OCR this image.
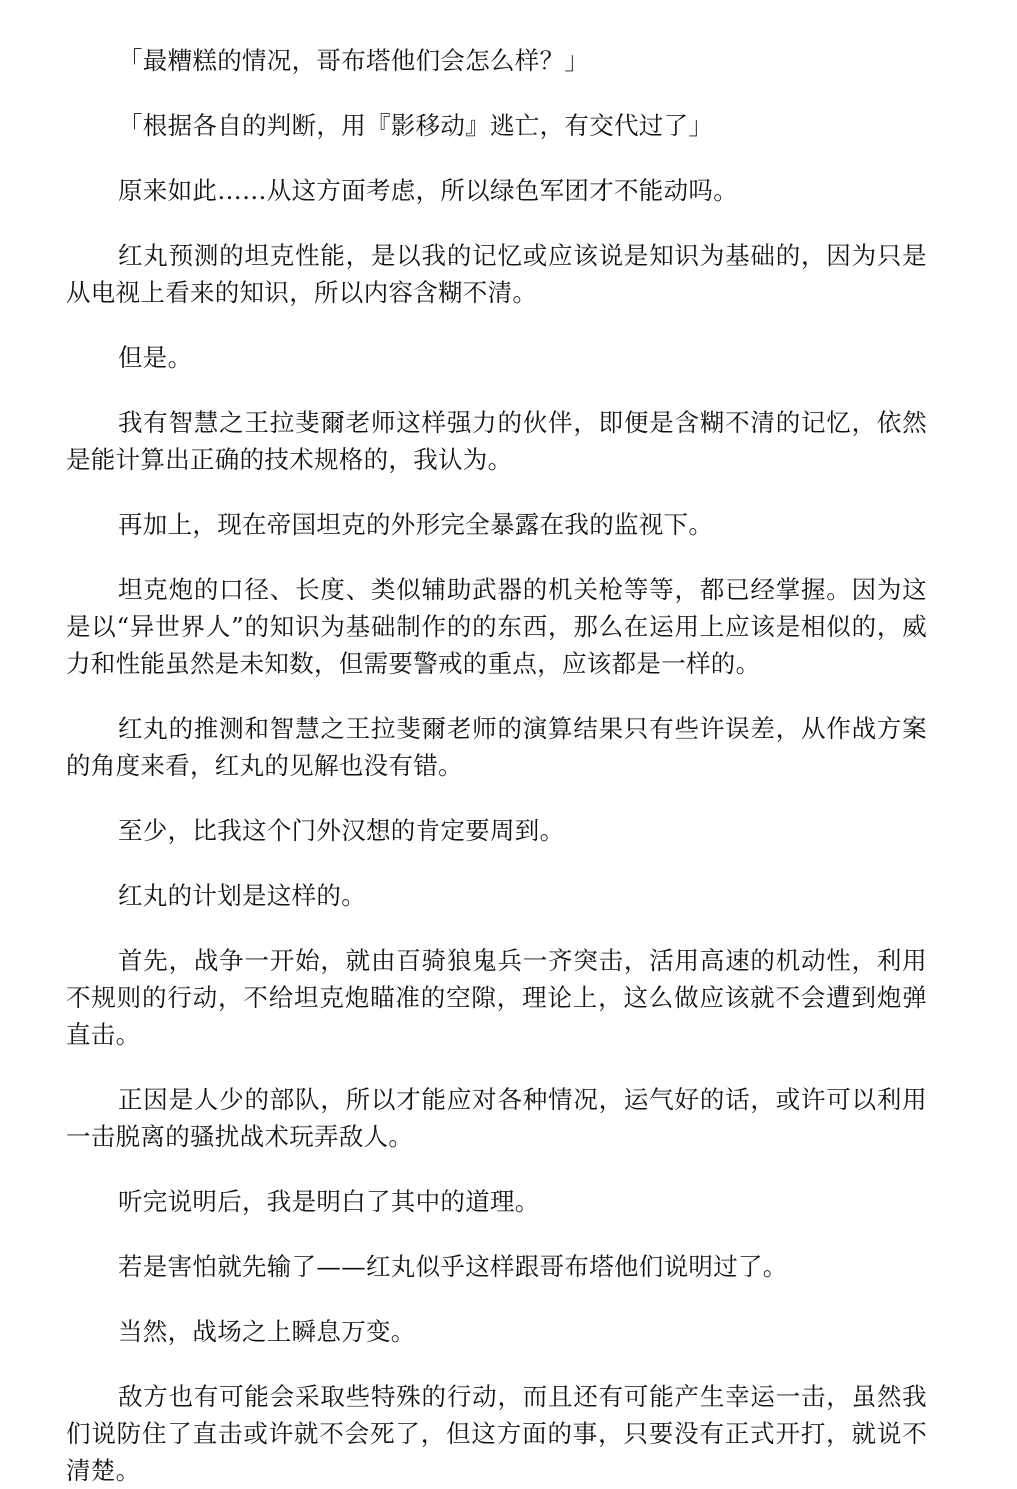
「最糟糕的情况，哥布塔他们会怎么样？」

「根据各自的判断，用『影移动』逃亡，有交代过了」

原来如此……从这方面考虑，所以绿色军团才不能动吗。

红丸预测的坦克性能，是以我的记忆或应该说是知识为基础的，因为只是从电视上看来的知识，所以内容含糊不清。

但是。

我有智慧之王拉斐爾老师这样强力的伙伴，即便是含糊不清的记忆，依然是能计算出正确的技术规格的，我认为。

再加上，现在帝国坦克的外形完全暴露在我的监视下。

坦克炮的口径、长度、类似辅助武器的机关枪等等，都已经掌握。因为这是以“异世界人”的知识为基础制作的的东西，那么在运用上应该是相似的，威力和性能虽然是未知数，但需要警戒的重点，应该都是一样的。

红丸的推测和智慧之王拉斐爾老师的演算结果只有些许误差，从作战方案的角度来看，红丸的见解也没有错。

至少，比我这个门外汉想的肯定要周到。

红丸的计划是这样的。

首先，战争一开始，就由百骑狼鬼兵一齐突击，活用高速的机动性，利用不规则的行动，不给坦克炮瞄准的空隙，理论上，这么做应该就不会遭到炮弹直击。

正因是人少的部队，所以才能应对各种情况，运气好的话，或许可以利用一击脱离的骚扰战术玩弄敌人。

听完说明后，我是明白了其中的道理。

若是害怕就先输了——红丸似乎这样跟哥布塔他们说明过了。

当然，战场之上瞬息万变。

敌方也有可能会采取些特殊的行动，而且还有可能产生幸运一击，虽然我们说防住了直击或许就不会死了，但这方面的事，只要没有正式开打，就说不清楚。
